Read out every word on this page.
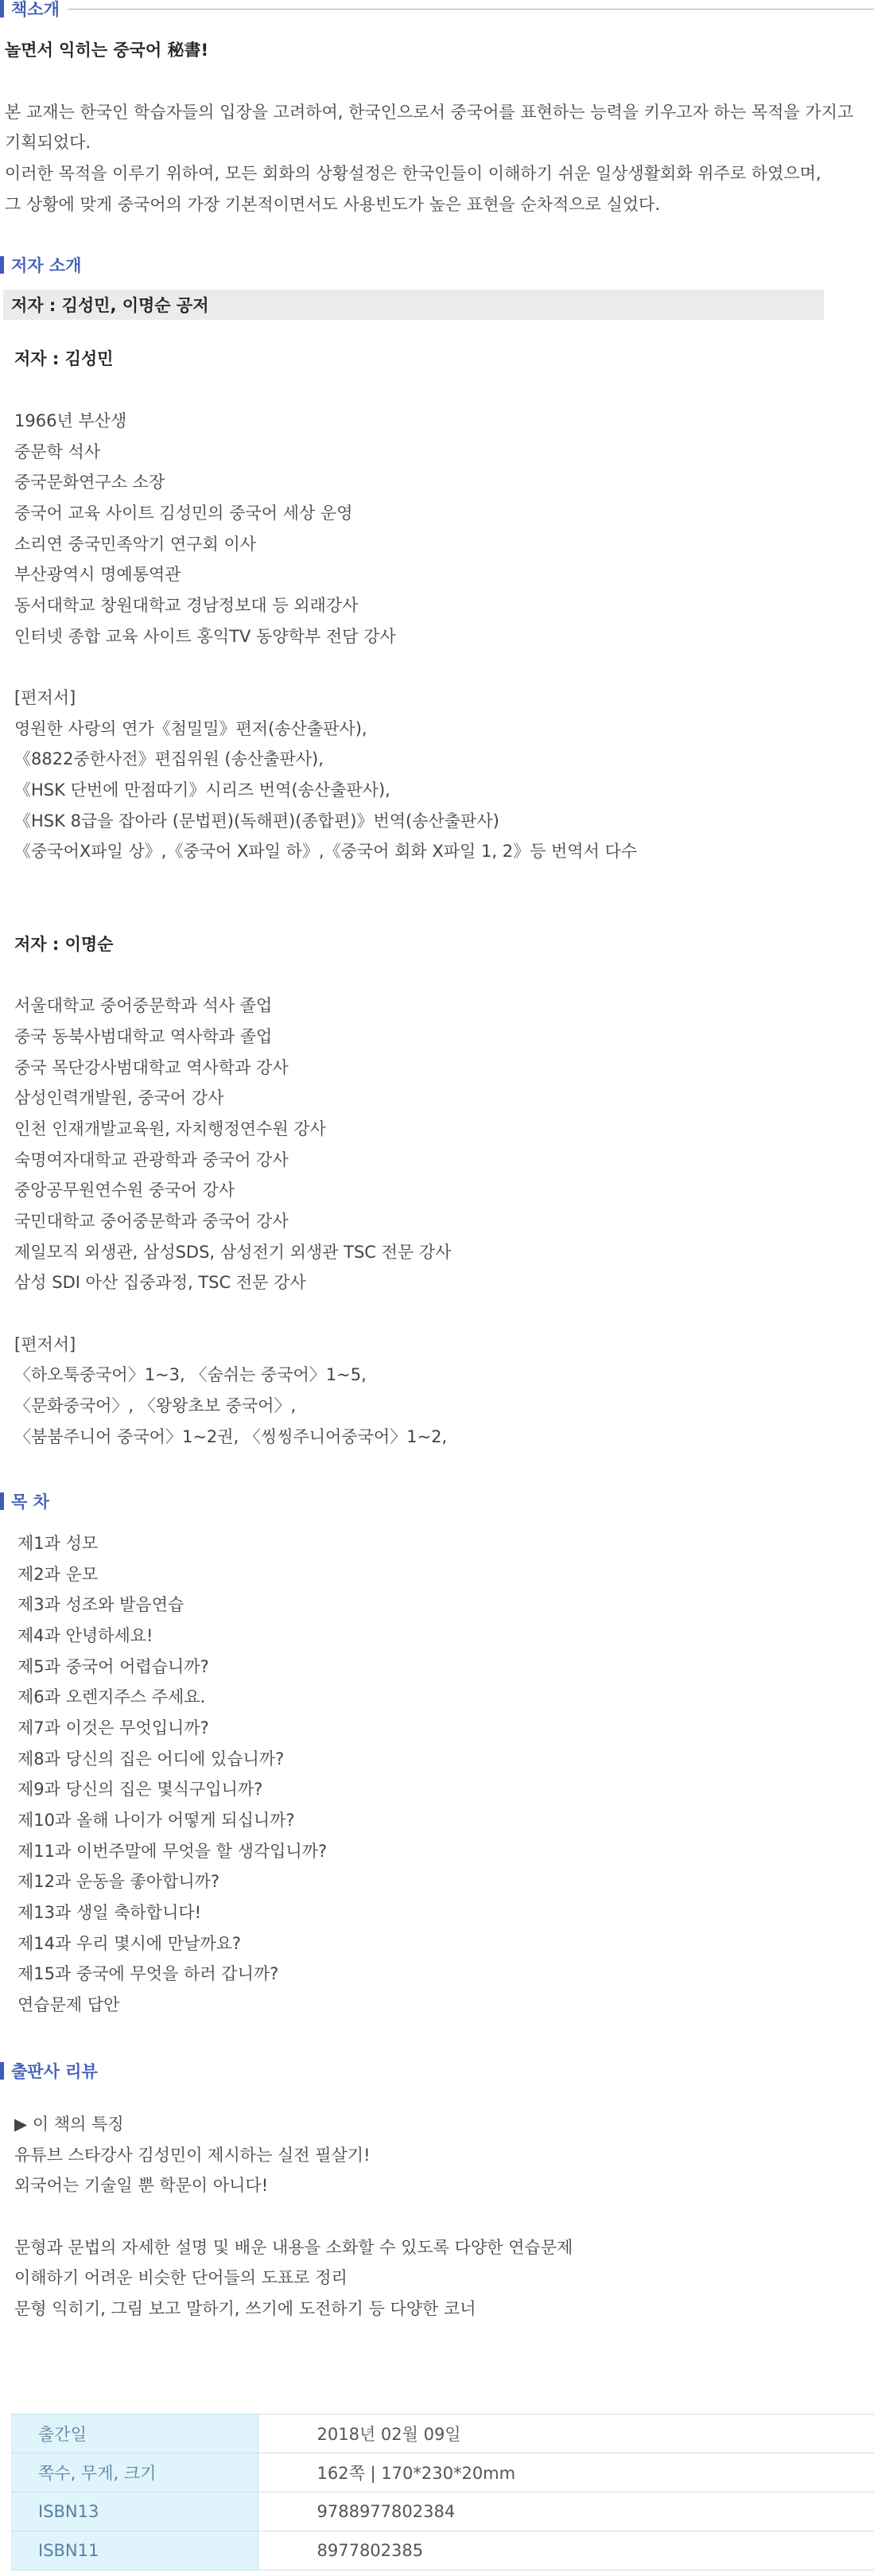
책소개
놀면서 익히는 중국어 秘書!
본 교재는 한국인 학습자들의 입장을 고려하여, 한국인으로서 중국어를 표현하는 능력을 키우고자 하는 목적을 가지고
기획되었다.
이러한 목적을 이루기 위하여, 모든 회화의 상황설정은 한국인들이 이해하기 쉬운 일상생활회화 위주로 하였으며,
그 상황에 맞게 중국어의 가장 기본적이면서도 사용빈도가 높은 표현을 순차적으로 실었다.
저자 소개
저자 : 김성민, 이명순 공저
저자 : 김성민
1966년 부산생
중문학 석사
중국문화연구소 소장
중국어 교육 사이트 김성민의 중국어 세상 운영
소리연 중국민족악기 연구회 이사
부산광역시 명예통역관
동서대학교 창원대학교 경남정보대 등 외래강사
인터넷 종합 교육 사이트 홍익TV 동양학부 전담 강사
[편저서]
영원한 사랑의 연가《첨밀밀》편저(송산출판사),
《8822중한사전》편집위원 (송산출판사),
《HSK 단번에 만점따기》시리즈 번역(송산출판사),
《HSK 8급을 잡아라 (문법편)(독해편)(종합편)》번역(송산출판사)
《중국어X파일 상》,《중국어 X파일 하》,《중국어 회화 X파일 1, 2》등 번역서 다수
저자 : 이명순
서울대학교 중어중문학과 석사 졸업
중국 동북사범대학교 역사학과 졸업
중국 목단강사범대학교 역사학과 강사
삼성인력개발원, 중국어 강사
인천 인재개발교육원, 자치행정연수원 강사
숙명여자대학교 관광학과 중국어 강사
중앙공무원연수원 중국어 강사
국민대학교 중어중문학과 중국어 강사
제일모직 외생관, 삼성SDS, 삼성전기 외생관 TSC 전문 강사
삼성 SDI 아산 집중과정, TSC 전문 강사
[편저서]
〈하오툭중국어〉1~3, 〈숨쉬는 중국어〉1~5,
〈문화중국어〉, 〈왕왕초보 중국어〉,
〈붐붐주니어 중국어〉1~2권, 〈씽씽주니어중국어〉1~2,
목 차
제1과 성모
제2과 운모
제3과 성조와 발음연습
제4과 안녕하세요!
제5과 중국어 어렵습니까?
제6과 오렌지주스 주세요.
제7과 이것은 무엇입니까?
제8과 당신의 집은 어디에 있습니까?
제9과 당신의 집은 몇식구입니까?
제10과 올해 나이가 어떻게 되십니까?
제11과 이번주말에 무엇을 할 생각입니까?
제12과 운동을 좋아합니까?
제13과 생일 축하합니다!
제14과 우리 몇시에 만날까요?
제15과 중국에 무엇을 하러 갑니까?
연습문제 답안
출판사 리뷰
▶ 이 책의 특징
유튜브 스타강사 김성민이 제시하는 실전 필살기!
외국어는 기술일 뿐 학문이 아니다!
문형과 문법의 자세한 설명 및 배운 내용을 소화할 수 있도록 다양한 연습문제
이해하기 어려운 비슷한 단어들의 도표로 정리
문형 익히기, 그림 보고 말하기, 쓰기에 도전하기 등 다양한 코너
출간일	2018년 02월 09일
쪽수, 무게, 크기	162쪽 | 170*230*20mm
ISBN13	9788977802384
ISBN11	8977802385
